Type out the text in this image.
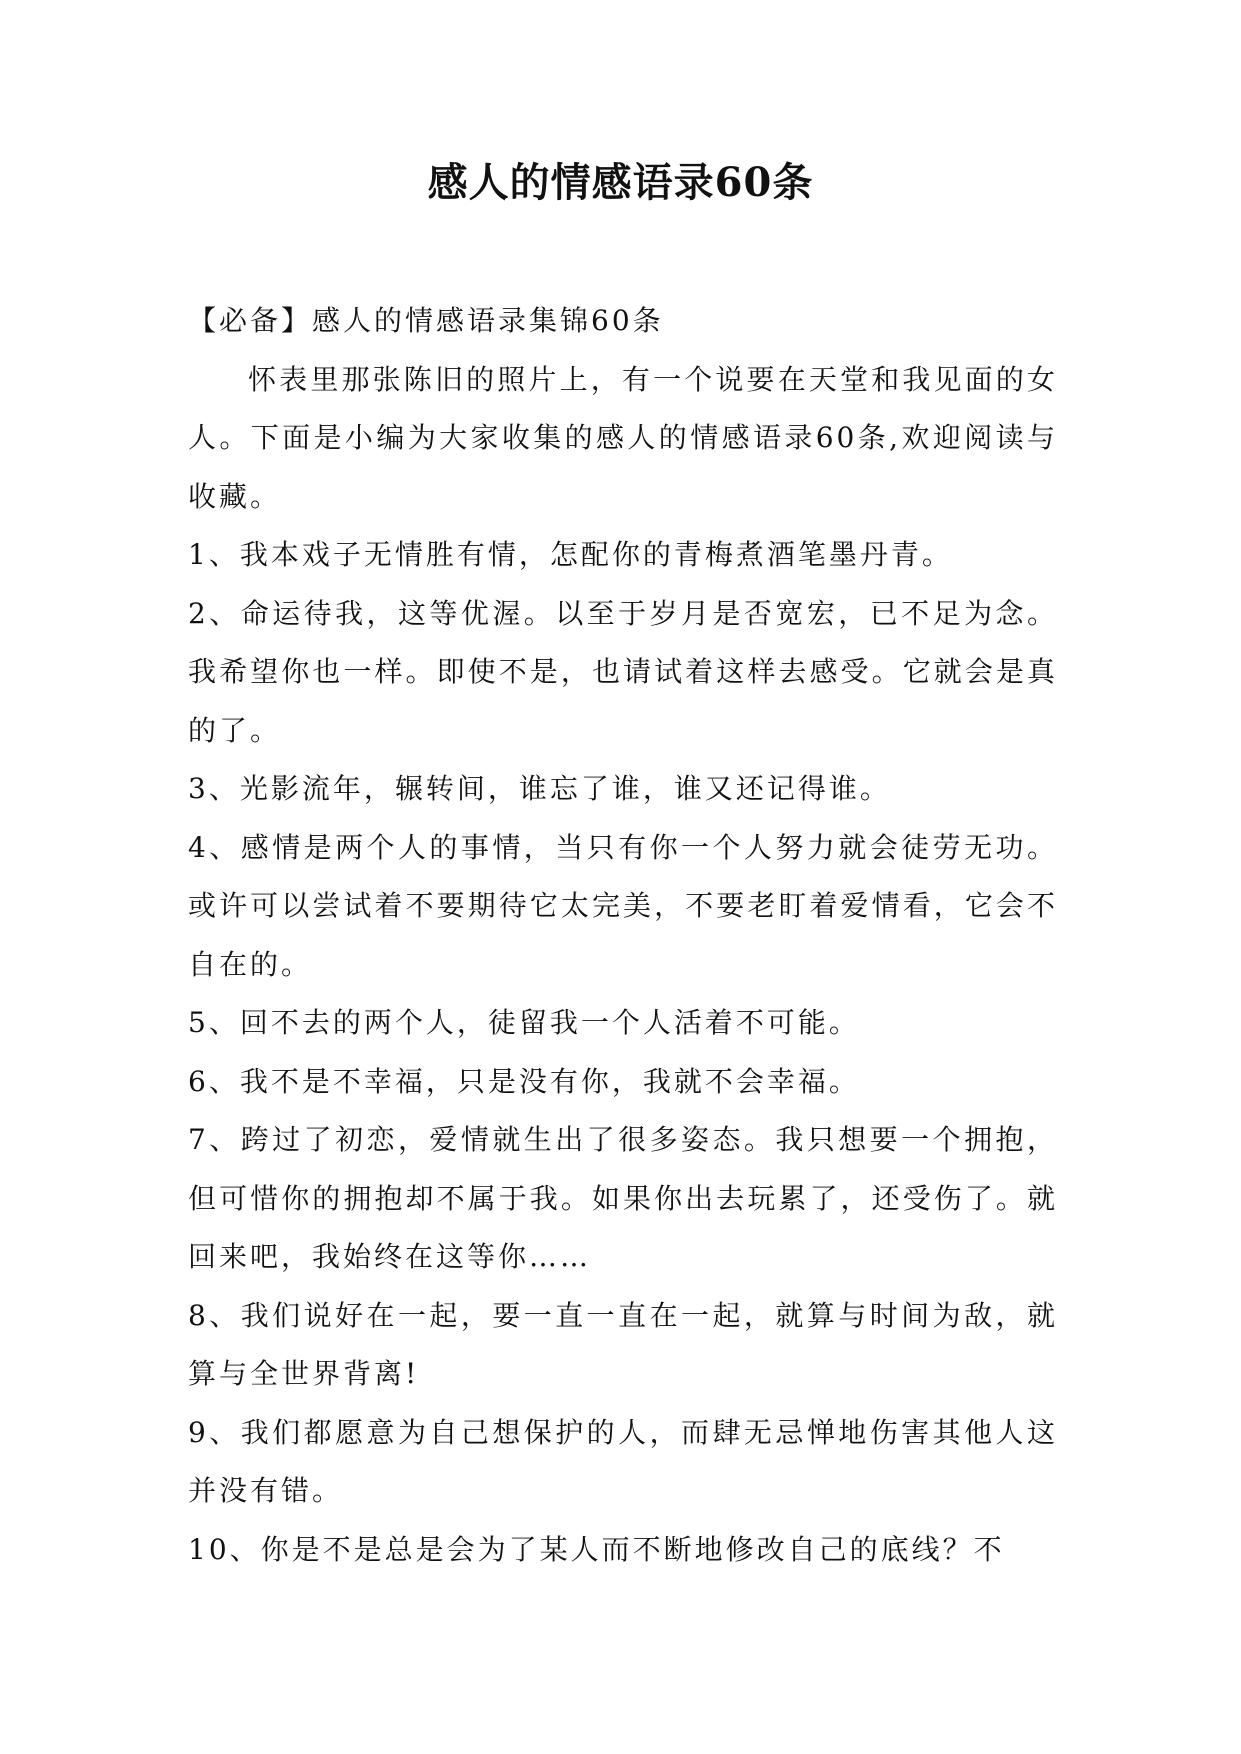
感人的情感语录60条

【必备】感人的情感语录集锦60条

怀表里那张陈旧的照片上，有一个说要在天堂和我见面的女人。下面是小编为大家收集的感人的情感语录60条,欢迎阅读与收藏。

1、我本戏子无情胜有情，怎配你的青梅煮酒笔墨丹青。

2、命运待我，这等优渥。以至于岁月是否宽宏，已不足为念。我希望你也一样。即使不是，也请试着这样去感受。它就会是真的了。

3、光影流年，辗转间，谁忘了谁，谁又还记得谁。

4、感情是两个人的事情，当只有你一个人努力就会徒劳无功。或许可以尝试着不要期待它太完美，不要老盯着爱情看，它会不自在的。

5、回不去的两个人，徒留我一个人活着不可能。

6、我不是不幸福，只是没有你，我就不会幸福。

7、跨过了初恋，爱情就生出了很多姿态。我只想要一个拥抱，但可惜你的拥抱却不属于我。如果你出去玩累了，还受伤了。就回来吧，我始终在这等你……

8、我们说好在一起，要一直一直在一起，就算与时间为敌，就算与全世界背离!

9、我们都愿意为自己想保护的人，而肆无忌惮地伤害其他人这并没有错。

10、你是不是总是会为了某人而不断地修改自己的底线？不
